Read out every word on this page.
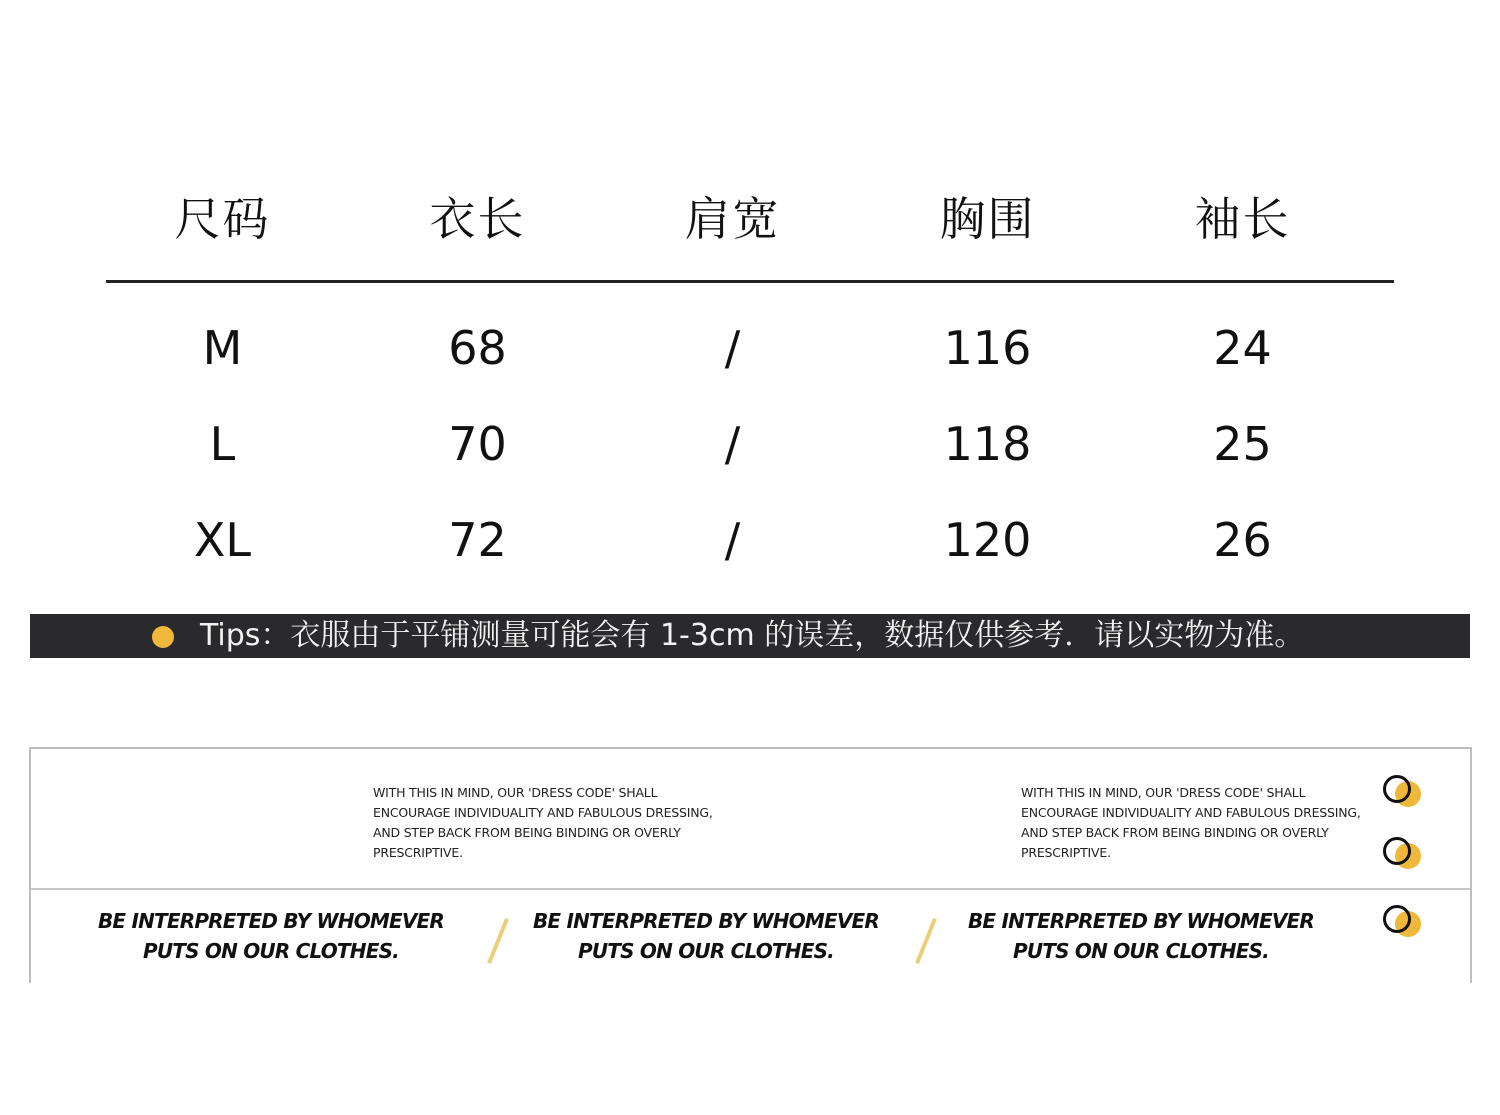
尺码	衣长	肩宽	胸围	袖长
M	68	/	116	24
L	70	/	118	25
XL	72	/	120	26
Tips：衣服由于平铺测量可能会有 1-3cm 的误差，数据仅供参考．请以实物为准。
WITH THIS IN MIND, OUR 'DRESS CODE' SHALL ENCOURAGE INDIVIDUALITY AND FABULOUS DRESSING, AND STEP BACK FROM BEING BINDING OR OVERLY PRESCRIPTIVE.
WITH THIS IN MIND, OUR 'DRESS CODE' SHALL ENCOURAGE INDIVIDUALITY AND FABULOUS DRESSING, AND STEP BACK FROM BEING BINDING OR OVERLY PRESCRIPTIVE.
BE INTERPRETED BY WHOMEVER PUTS ON OUR CLOTHES.
BE INTERPRETED BY WHOMEVER PUTS ON OUR CLOTHES.
BE INTERPRETED BY WHOMEVER PUTS ON OUR CLOTHES.
